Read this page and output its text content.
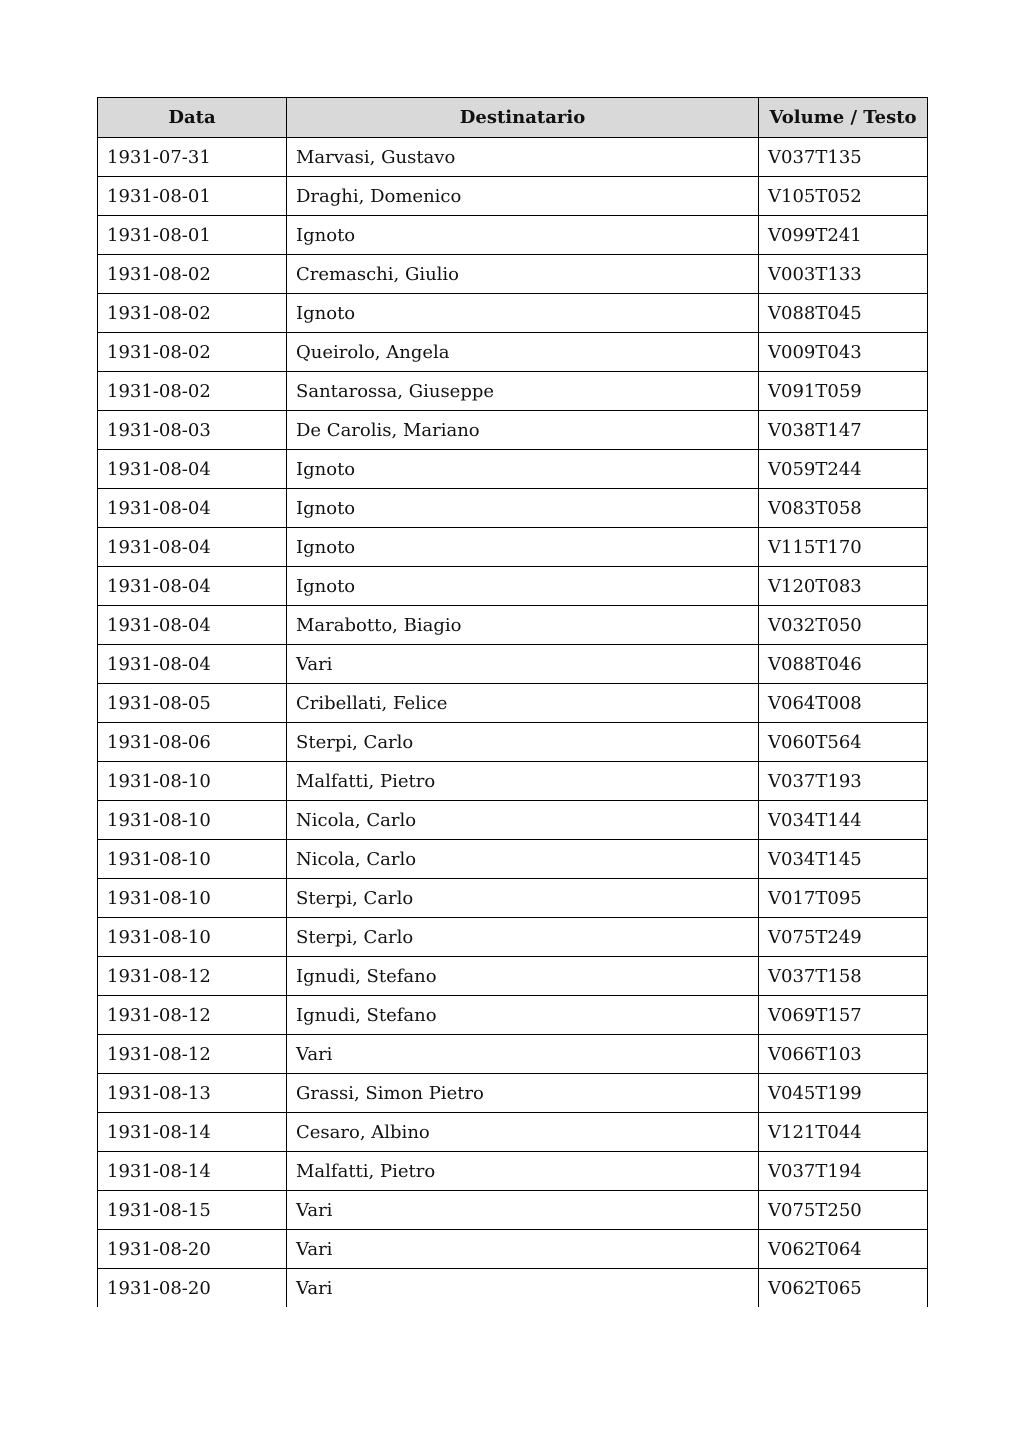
Data	Destinatario	Volume / Testo
1931-07-31	Marvasi, Gustavo	V037T135
1931-08-01	Draghi, Domenico	V105T052
1931-08-01	Ignoto	V099T241
1931-08-02	Cremaschi, Giulio	V003T133
1931-08-02	Ignoto	V088T045
1931-08-02	Queirolo, Angela	V009T043
1931-08-02	Santarossa, Giuseppe	V091T059
1931-08-03	De Carolis, Mariano	V038T147
1931-08-04	Ignoto	V059T244
1931-08-04	Ignoto	V083T058
1931-08-04	Ignoto	V115T170
1931-08-04	Ignoto	V120T083
1931-08-04	Marabotto, Biagio	V032T050
1931-08-04	Vari	V088T046
1931-08-05	Cribellati, Felice	V064T008
1931-08-06	Sterpi, Carlo	V060T564
1931-08-10	Malfatti, Pietro	V037T193
1931-08-10	Nicola, Carlo	V034T144
1931-08-10	Nicola, Carlo	V034T145
1931-08-10	Sterpi, Carlo	V017T095
1931-08-10	Sterpi, Carlo	V075T249
1931-08-12	Ignudi, Stefano	V037T158
1931-08-12	Ignudi, Stefano	V069T157
1931-08-12	Vari	V066T103
1931-08-13	Grassi, Simon Pietro	V045T199
1931-08-14	Cesaro, Albino	V121T044
1931-08-14	Malfatti, Pietro	V037T194
1931-08-15	Vari	V075T250
1931-08-20	Vari	V062T064
1931-08-20	Vari	V062T065
